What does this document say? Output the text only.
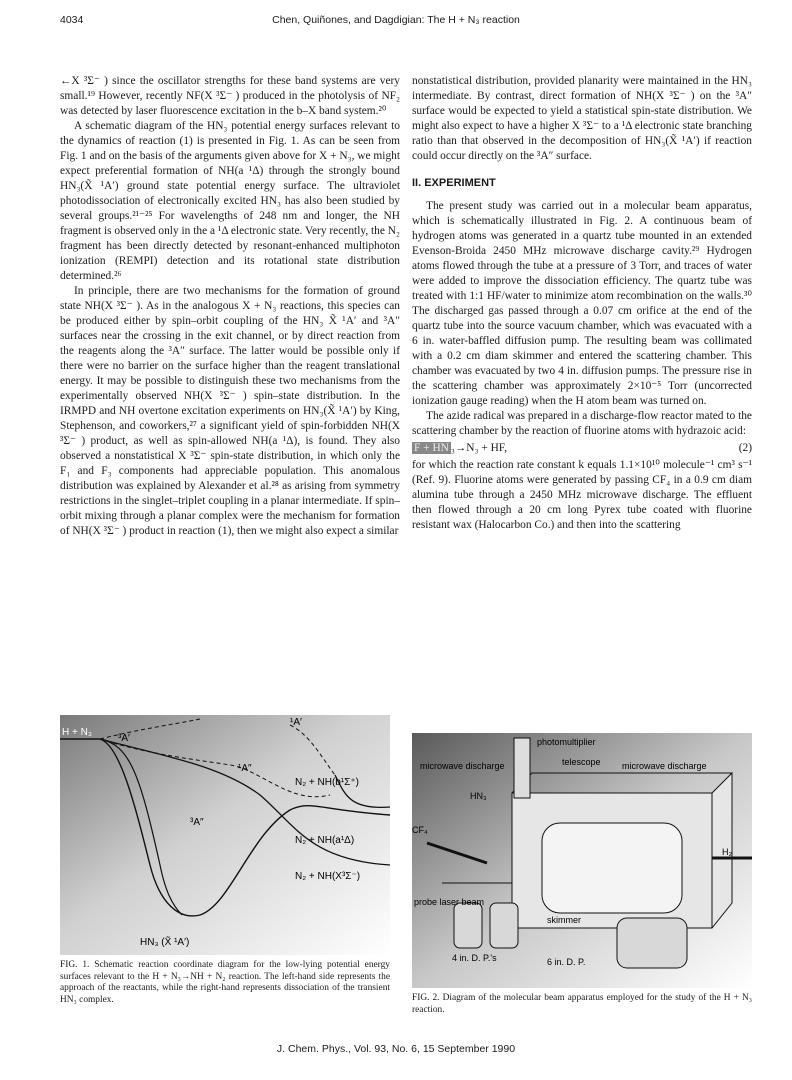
4034	Chen, Quiñones, and Dagdigian: The H + N₃ reaction

←X ³Σ⁻ ) since the oscillator strengths for these band systems are very small.¹⁹ However, recently NF(X ³Σ⁻ ) produced in the photolysis of NF₂ was detected by laser fluorescence excitation in the b–X band system.²⁰

A schematic diagram of the HN₃ potential energy surfaces relevant to the dynamics of reaction (1) is presented in Fig. 1. As can be seen from Fig. 1 and on the basis of the arguments given above for X + N₃, we might expect preferential formation of NH(a ¹Δ) through the strongly bound HN₃(X̃ ¹A′) ground state potential energy surface. The ultraviolet photodissociation of electronically excited HN₃ has also been studied by several groups.²¹⁻²⁵ For wavelengths of 248 nm and longer, the NH fragment is observed only in the a ¹Δ electronic state. Very recently, the N₂ fragment has been directly detected by resonant-enhanced multiphoton ionization (REMPI) detection and its rotational state distribution determined.²⁶

In principle, there are two mechanisms for the formation of ground state NH(X ³Σ⁻ ). As in the analogous X + N₃ reactions, this species can be produced either by spin–orbit coupling of the HN₃ X̃ ¹A′ and ³A″ surfaces near the crossing in the exit channel, or by direct reaction from the reagents along the ³A″ surface. The latter would be possible only if there were no barrier on the surface higher than the reagent translational energy. It may be possible to distinguish these two mechanisms from the experimentally observed NH(X ³Σ⁻ ) spin–state distribution. In the IRMPD and NH overtone excitation experiments on HN₃(X̃ ¹A′) by King, Stephenson, and coworkers,²⁷ a significant yield of spin-forbidden NH(X ³Σ⁻ ) product, as well as spin-allowed NH(a ¹Δ), is found. They also observed a nonstatistical X ³Σ⁻ spin-state distribution, in which only the F₁ and F₃ components had appreciable population. This anomalous distribution was explained by Alexander et al.²⁸ as arising from symmetry restrictions in the singlet–triplet coupling in a planar intermediate. If spin–orbit mixing through a planar complex were the mechanism for formation of NH(X ³Σ⁻ ) product in reaction (1), then we might also expect a similar

nonstatistical distribution, provided planarity were maintained in the HN₃ intermediate. By contrast, direct formation of NH(X ³Σ⁻ ) on the ³A″ surface would be expected to yield a statistical spin-state distribution. We might also expect to have a higher X ³Σ⁻ to a ¹Δ electronic state branching ratio than that observed in the decomposition of HN₃(X̃ ¹A′) if reaction could occur directly on the ³A″ surface.

II. EXPERIMENT

The present study was carried out in a molecular beam apparatus, which is schematically illustrated in Fig. 2. A continuous beam of hydrogen atoms was generated in a quartz tube mounted in an extended Evenson-Broida 2450 MHz microwave discharge cavity.²⁹ Hydrogen atoms flowed through the tube at a pressure of 3 Torr, and traces of water were added to improve the dissociation efficiency. The quartz tube was treated with 1:1 HF/water to minimize atom recombination on the walls.³⁰ The discharged gas passed through a 0.07 cm orifice at the end of the quartz tube into the source vacuum chamber, which was evacuated with a 6 in. water-baffled diffusion pump. The resulting beam was collimated with a 0.2 cm diam skimmer and entered the scattering chamber. This chamber was evacuated by two 4 in. diffusion pumps. The pressure rise in the scattering chamber was approximately 2×10⁻⁵ Torr (uncorrected ionization gauge reading) when the H atom beam was turned on.

The azide radical was prepared in a discharge-flow reactor mated to the scattering chamber by the reaction of fluorine atoms with hydrazoic acid:

F + HN ₃→N₃ + HF,	(2)

for which the reaction rate constant k equals 1.1×10¹⁰ molecule⁻¹ cm³ s⁻¹ (Ref. 9). Fluorine atoms were generated by passing CF₄ in a 0.9 cm diam alumina tube through a 2450 MHz microwave discharge. The effluent then flowed through a 20 cm long Pyrex tube coated with fluorine resistant wax (Halocarbon Co.) and then into the scattering

H + N₃
³A′
¹A′
¹A″
³A″
N₂ + NH(b¹Σ⁺)
N₂ + NH(a¹Δ)
N₂ + NH(X³Σ⁻)
HN₃ (X̃ ¹A′)
FIG. 1. Schematic reaction coordinate diagram for the low-lying potential energy surfaces relevant to the H + N₃→NH + N₂ reaction. The left-hand side represents the approach of the reactants, while the right-hand represents dissociation of the transient HN₃ complex.
photomultiplier
telescope
microwave discharge	microwave discharge
HN₃
CF₄
H₂
probe laser beam
skimmer
4 in. D. P.'s	6 in. D. P.
FIG. 2. Diagram of the molecular beam apparatus employed for the study of the H + N₃ reaction.
J. Chem. Phys., Vol. 93, No. 6, 15 September 1990
